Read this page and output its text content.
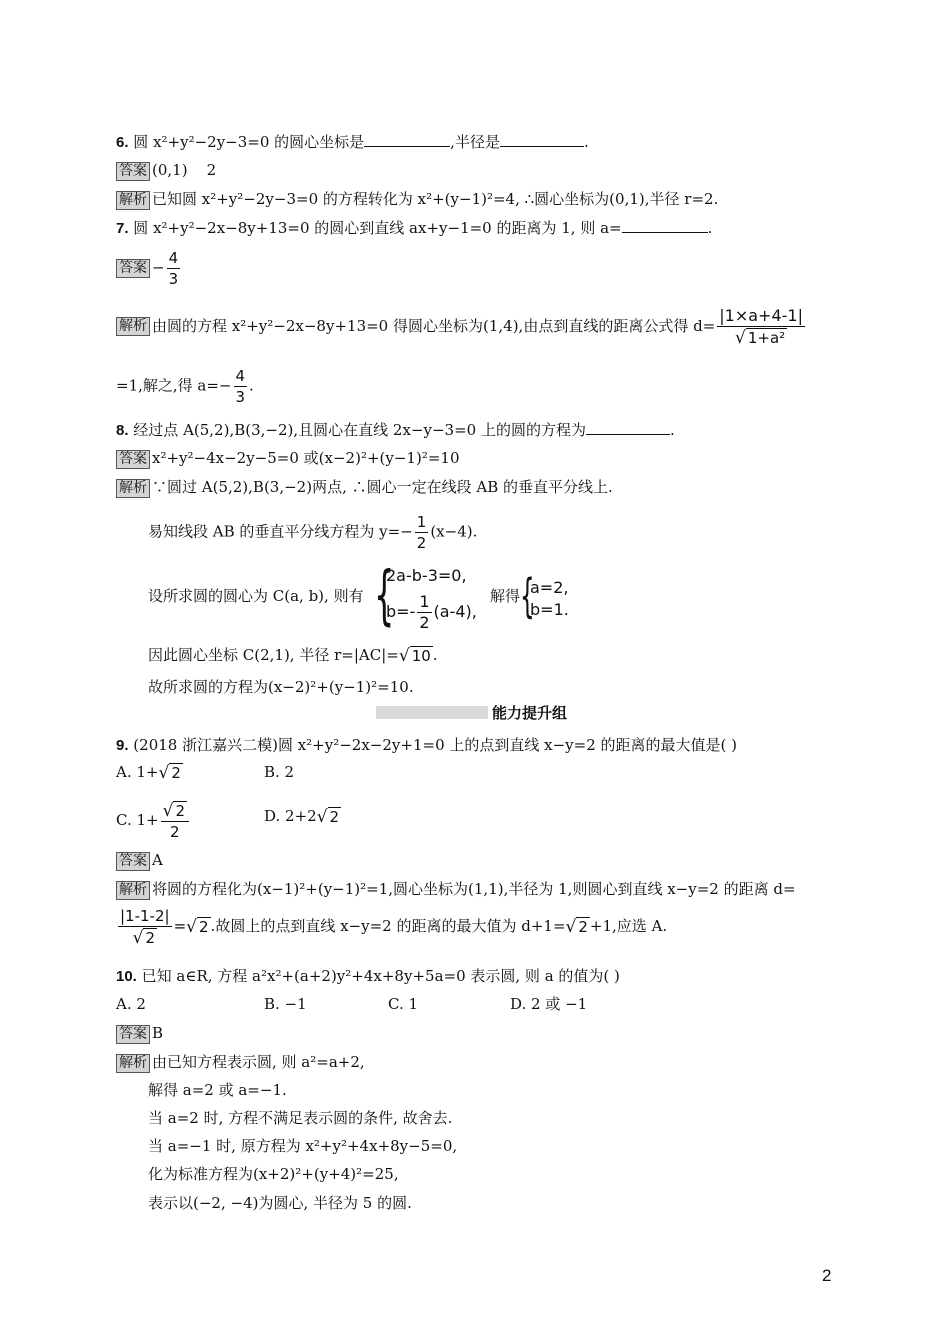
6. 圆 x²+y²−2y−3=0 的圆心坐标是	,半径是	.
答案 (0,1)    2
解析 已知圆 x²+y²−2y−3=0 的方程转化为 x²+(y−1)²=4, ∴圆心坐标为(0,1),半径 r=2.
7. 圆 x²+y²−2x−8y+13=0 的圆心到直线 ax+y−1=0 的距离为 1, 则 a=	.
答案 − $\frac{4}{3}$
解析 由圆的方程 x²+y²−2x−8y+13=0 得圆心坐标为(1,4),由点到直线的距离公式得 $d= \frac{|1\times a+4-1|}{\text{√ 1+a²}}$
=1,解之,得 $a=- \frac{4}{3}$ .
8. 经过点 A(5,2),B(3,−2),且圆心在直线 2x−y−3=0 上的圆的方程为	.
答案 x²+y²−4x−2y−5=0 或(x−2)²+(y−1)²=10
解析 ∵圆过 A(5,2),B(3,−2)两点, ∴圆心一定在线段 AB 的垂直平分线上.
易知线段 AB 的垂直平分线方程为 $y=- \frac{1}{2} (x-4)$.
设所求圆的圆心为 C(a, b), 则有 {
2a-b-3=0,
$b=- \frac{1}{2} (a-4)$,
解得 {
a=2,
b=1.
因此圆心坐标 C(2,1), 半径 r=|AC|=√ 10 .
故所求圆的方程为(x−2)²+(y−1)²=10.
能力提升组
9. (2018 浙江嘉兴二模)圆 x²+y²−2x−2y+1=0 上的点到直线 x−y=2 的距离的最大值是( )
A. 1+√ 2	B. 2
C. $1+ \frac{√ 2}{2}$	D. 2+2√ 2
答案 A
解析 将圆的方程化为(x−1)²+(y−1)²=1,圆心坐标为(1,1),半径为 1,则圆心到直线 x−y=2 的距离 d=
$\frac{|1-1-2|}{√ 2}$ =√ 2 .故圆上的点到直线 x−y=2 的距离的最大值为 d+1=√ 2 +1,应选 A.
10. 已知 a∈R, 方程 a²x²+(a+2)y²+4x+8y+5a=0 表示圆, 则 a 的值为( )
A. 2	B. −1	C. 1	D. 2 或 −1
答案 B
解析 由已知方程表示圆, 则 a²=a+2,
解得 a=2 或 a=−1.
当 a=2 时, 方程不满足表示圆的条件, 故舍去.
当 a=−1 时, 原方程为 x²+y²+4x+8y−5=0,
化为标准方程为(x+2)²+(y+4)²=25,
表示以(−2, −4)为圆心, 半径为 5 的圆.
2
